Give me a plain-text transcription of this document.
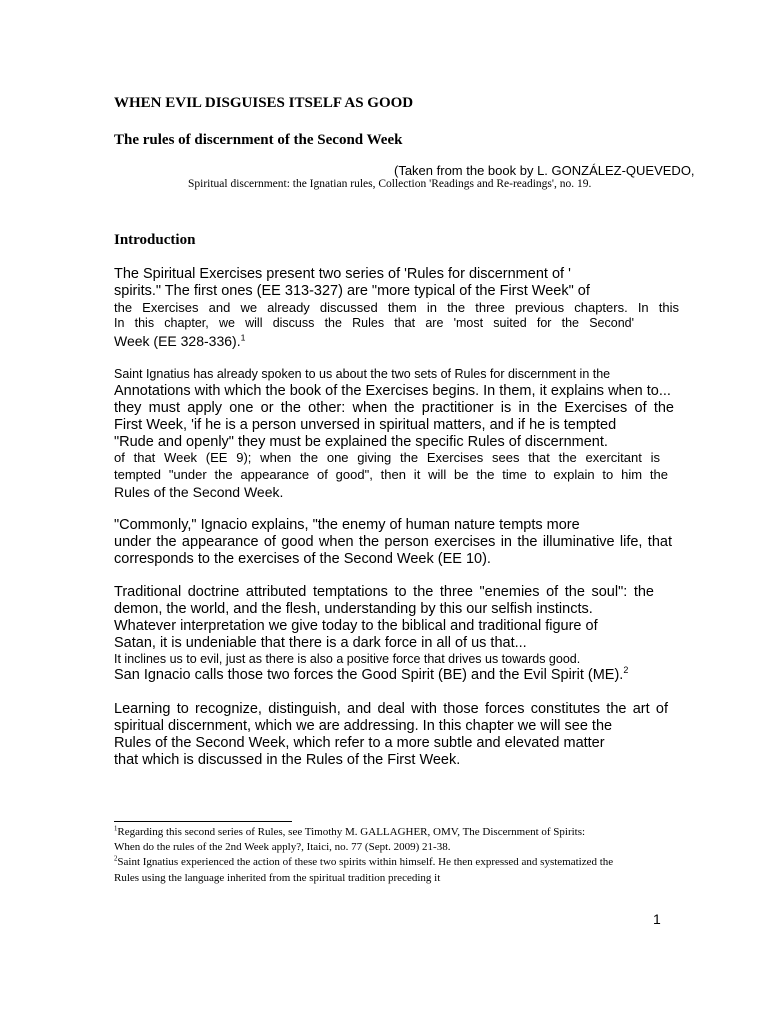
WHEN EVIL DISGUISES ITSELF AS GOOD
The rules of discernment of the Second Week
(Taken from the book by L. GONZÁLEZ-QUEVEDO,
Spiritual discernment: the Ignatian rules, Collection 'Readings and Re-readings', no. 19.
Introduction
The Spiritual Exercises present two series of 'Rules for discernment of '
spirits." The first ones (EE 313-327) are "more typical of the First Week" of
the Exercises and we already discussed them in the three previous chapters. In this
In this chapter, we will discuss the Rules that are 'most suited for the Second'
Week (EE 328-336).$^1$
Saint Ignatius has already spoken to us about the two sets of Rules for discernment in the
Annotations with which the book of the Exercises begins. In them, it explains when to...
they must apply one or the other: when the practitioner is in the Exercises of the
First Week, 'if he is a person unversed in spiritual matters, and if he is tempted
"Rude and openly" they must be explained the specific Rules of discernment.
of that Week (EE 9); when the one giving the Exercises sees that the exercitant is
tempted "under the appearance of good", then it will be the time to explain to him the
Rules of the Second Week.
"Commonly," Ignacio explains, "the enemy of human nature tempts more
under the appearance of good when the person exercises in the illuminative life, that
corresponds to the exercises of the Second Week (EE 10).
Traditional doctrine attributed temptations to the three "enemies of the soul": the
demon, the world, and the flesh, understanding by this our selfish instincts.
Whatever interpretation we give today to the biblical and traditional figure of
Satan, it is undeniable that there is a dark force in all of us that...
It inclines us to evil, just as there is also a positive force that drives us towards good.
San Ignacio calls those two forces the Good Spirit (BE) and the Evil Spirit (ME).$^2$
Learning to recognize, distinguish, and deal with those forces constitutes the art of
spiritual discernment, which we are addressing. In this chapter we will see the
Rules of the Second Week, which refer to a more subtle and elevated matter
that which is discussed in the Rules of the First Week.
$^1$Regarding this second series of Rules, see Timothy M. GALLAGHER, OMV, The Discernment of Spirits:
When do the rules of the 2nd Week apply?, Itaici, no. 77 (Sept. 2009) 21-38.
$^2$Saint Ignatius experienced the action of these two spirits within himself. He then expressed and systematized the
Rules using the language inherited from the spiritual tradition preceding it
1
